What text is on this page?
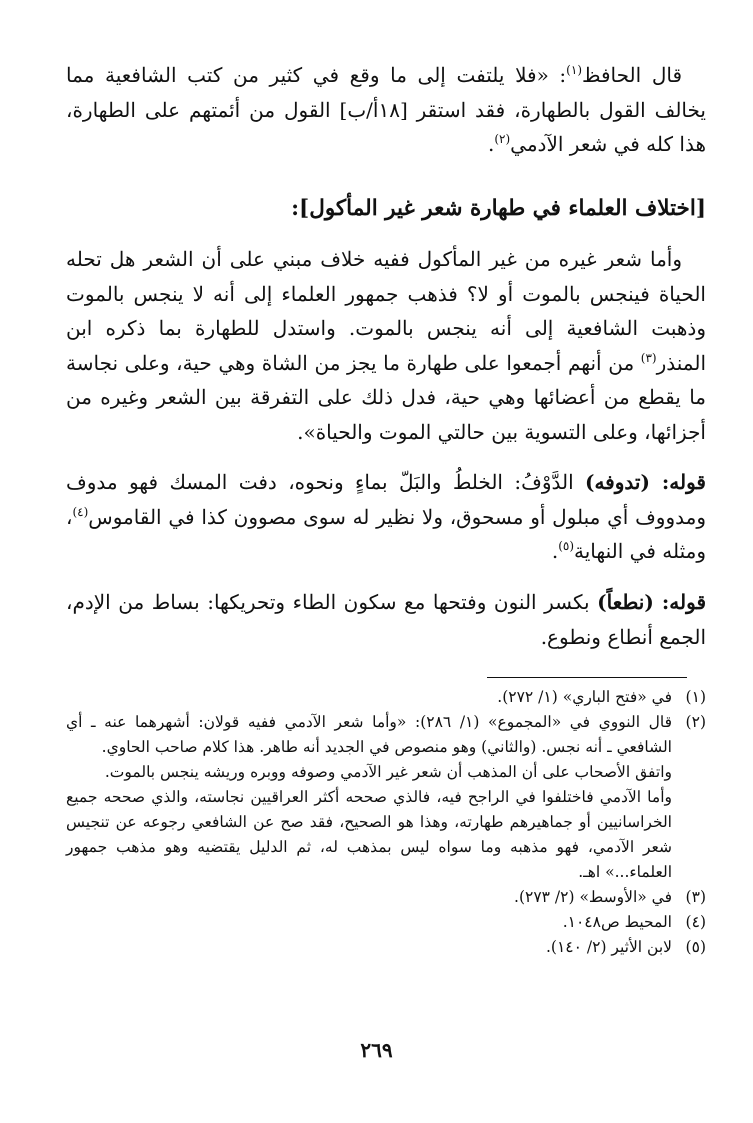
قال الحافظ$^{(١)}$: «فلا يلتفت إلى ما وقع في كثير من كتب الشافعية مما يخالف القول بالطهارة، فقد استقر [١٨أ/ب] القول من أئمتهم على الطهارة، هذا كله في شعر الآدمي$^{(٢)}$.

[اختلاف العلماء في طهارة شعر غير المأكول]:

وأما شعر غيره من غير المأكول ففيه خلاف مبني على أن الشعر هل تحله الحياة فينجس بالموت أو لا؟ فذهب جمهور العلماء إلى أنه لا ينجس بالموت وذهبت الشافعية إلى أنه ينجس بالموت. واستدل للطهارة بما ذكره ابن المنذر$^{(٣)}$ من أنهم أجمعوا على طهارة ما يجز من الشاة وهي حية، وعلى نجاسة ما يقطع من أعضائها وهي حية، فدل ذلك على التفرقة بين الشعر وغيره من أجزائها، وعلى التسوية بين حالتي الموت والحياة».

قوله: (تدوفه) الدَّوْفُ: الخلطُ والبَلّ بماءٍ ونحوه، دفت المسك فهو مدوف ومدووف أي مبلول أو مسحوق، ولا نظير له سوى مصوون كذا في القاموس$^{(٤)}$، ومثله في النهاية$^{(٥)}$.

قوله: (نطعاً) بكسر النون وفتحها مع سكون الطاء وتحريكها: بساط من الإدم، الجمع أنطاع ونطوع.

(١)
في «فتح الباري» (١/ ٢٧٢).
(٢)
قال النووي في «المجموع» (١/ ٢٨٦): «وأما شعر الآدمي ففيه قولان: أشهرهما عنه ـ أي الشافعي ـ أنه نجس. (والثاني) وهو منصوص في الجديد أنه طاهر. هذا كلام صاحب الحاوي.
واتفق الأصحاب على أن المذهب أن شعر غير الآدمي وصوفه ووبره وريشه ينجس بالموت.
وأما الآدمي فاختلفوا في الراجح فيه، فالذي صححه أكثر العراقيين نجاسته، والذي صححه جميع الخراسانيين أو جماهيرهم طهارته، وهذا هو الصحيح، فقد صح عن الشافعي رجوعه عن تنجيس شعر الآدمي، فهو مذهبه وما سواه ليس بمذهب له، ثم الدليل يقتضيه وهو مذهب جمهور العلماء...» اهـ.
(٣)
في «الأوسط» (٢/ ٢٧٣).
(٤)
المحيط ص١٠٤٨.
(٥)
لابن الأثير (٢/ ١٤٠).
٢٦٩
